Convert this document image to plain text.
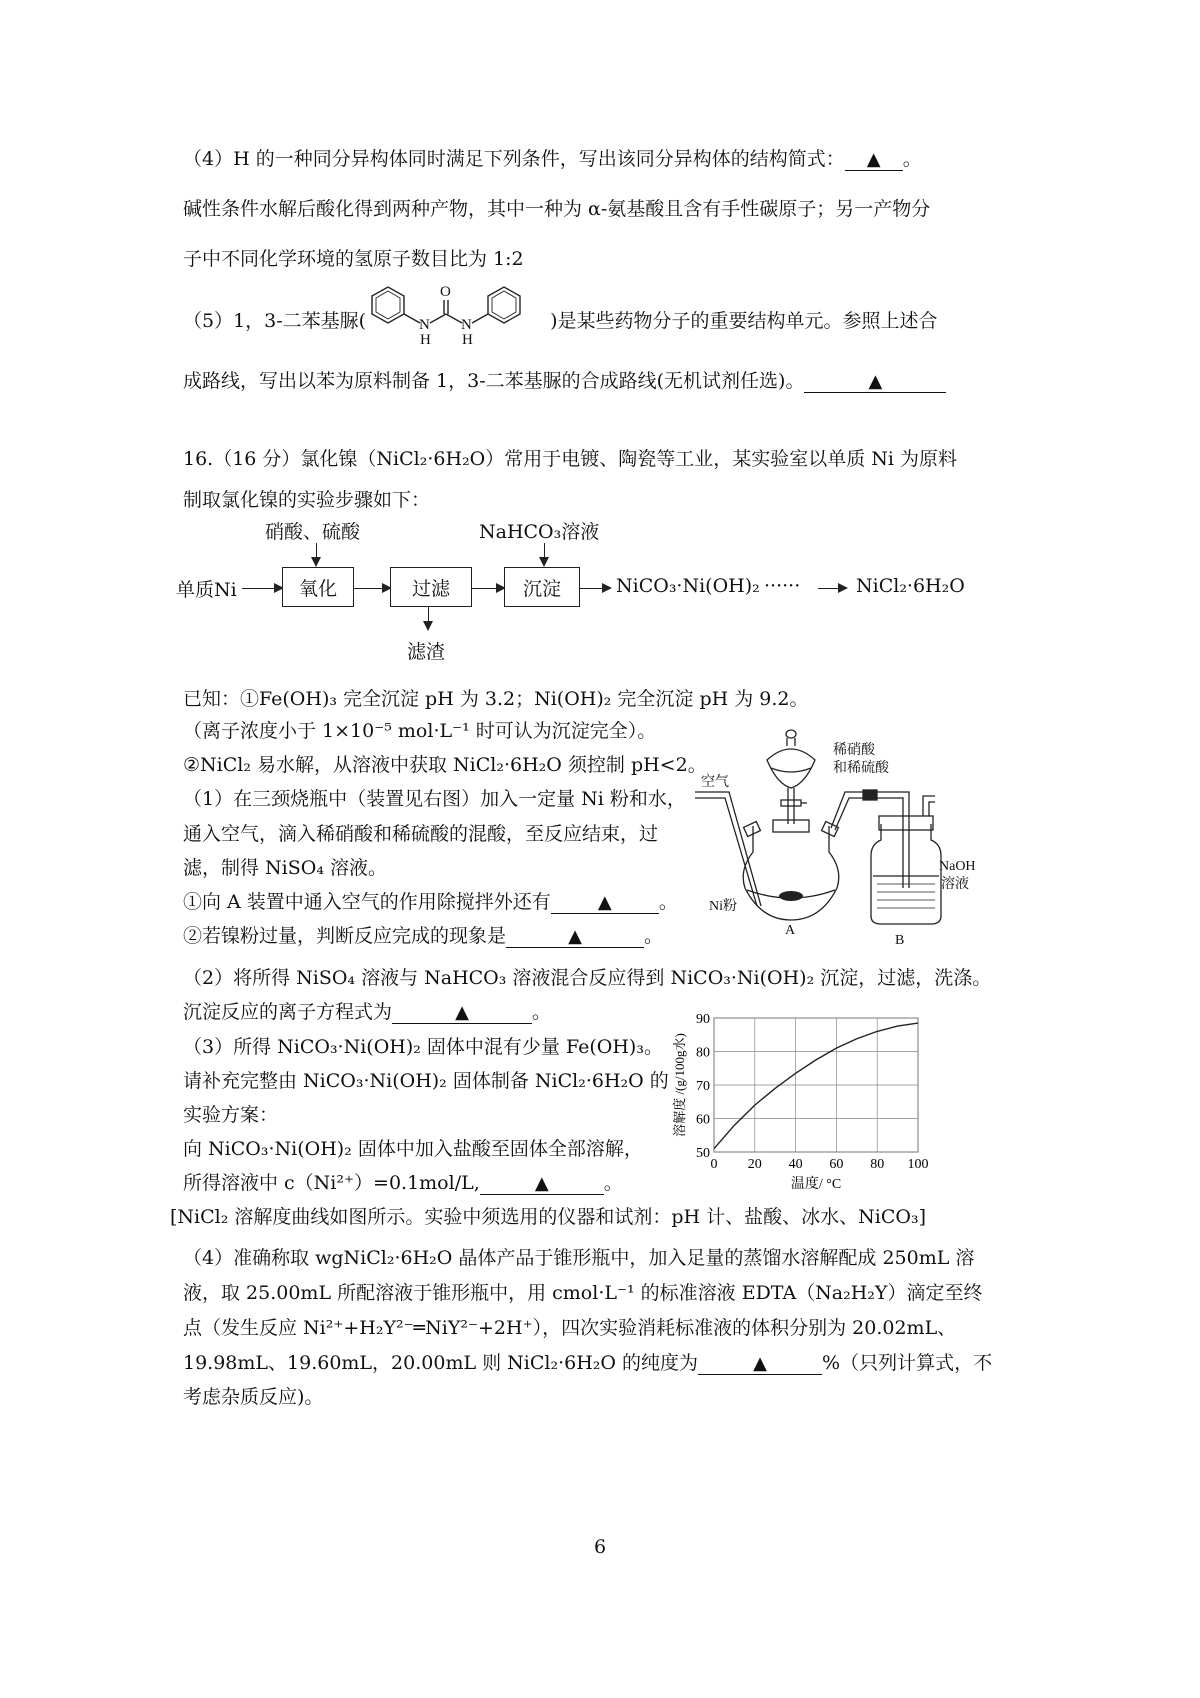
（4）H 的一种同分异构体同时满足下列条件，写出该同分异构体的结构简式： ▲ 。
碱性条件水解后酸化得到两种产物，其中一种为 α-氨基酸且含有手性碳原子；另一产物分
子中不同化学环境的氢原子数目比为 1:2
（5）1，3-二苯基脲(	)是某些药物分子的重要结构单元。参照上述合
N
H
O
N
H
成路线，写出以苯为原料制备 1，3-二苯基脲的合成路线(无机试剂任选)。	▲
16.（16 分）氯化镍（NiCl₂·6H₂O）常用于电镀、陶瓷等工业，某实验室以单质 Ni 为原料
制取氯化镍的实验步骤如下：
单质Ni	氧化
硝酸、硫酸
过滤
滤渣
沉淀
NaHCO₃溶液
NiCO₃·Ni(OH)₂ ······	NiCl₂·6H₂O
已知：①Fe(OH)₃ 完全沉淀 pH 为 3.2；Ni(OH)₂ 完全沉淀 pH 为 9.2。
（离子浓度小于 1×10⁻⁵ mol·L⁻¹ 时可认为沉淀完全）。
②NiCl₂ 易水解，从溶液中获取 NiCl₂·6H₂O 须控制 pH<2。
（1）在三颈烧瓶中（装置见右图）加入一定量 Ni 粉和水，
通入空气，滴入稀硝酸和稀硫酸的混酸，至反应结束，过
滤，制得 NiSO₄ 溶液。
①向 A 装置中通入空气的作用除搅拌外还有	▲ 。
②若镍粉过量，判断反应完成的现象是	▲	。
稀硝酸
和稀硫酸
空气
Ni粉
A
B
NaOH
溶液
（2）将所得 NiSO₄ 溶液与 NaHCO₃ 溶液混合反应得到 NiCO₃·Ni(OH)₂ 沉淀，过滤，洗涤。
沉淀反应的离子方程式为	▲	。
（3）所得 NiCO₃·Ni(OH)₂ 固体中混有少量 Fe(OH)₃。
请补充完整由 NiCO₃·Ni(OH)₂ 固体制备 NiCl₂·6H₂O 的
实验方案：
向 NiCO₃·Ni(OH)₂ 固体中加入盐酸至固体全部溶解，
所得溶液中 c（Ni²⁺）=0.1mol/L,	▲	。
[NiCl₂ 溶解度曲线如图所示。实验中须选用的仪器和试剂：pH 计、盐酸、冰水、NiCO₃]
50
60
70
80
90
0 20 40 60 80 100
温度/ °C
溶解度 /(g/100g水)
（4）准确称取 wgNiCl₂·6H₂O 晶体产品于锥形瓶中，加入足量的蒸馏水溶解配成 250mL 溶
液，取 25.00mL 所配溶液于锥形瓶中，用 cmol·L⁻¹ 的标准溶液 EDTA（Na₂H₂Y）滴定至终
点（发生反应 Ni²⁺+H₂Y²⁻═NiY²⁻+2H⁺），四次实验消耗标准液的体积分别为 20.02mL、
19.98mL、19.60mL，20.00mL 则 NiCl₂·6H₂O 的纯度为	▲	%（只列计算式，不
考虑杂质反应)。
6
